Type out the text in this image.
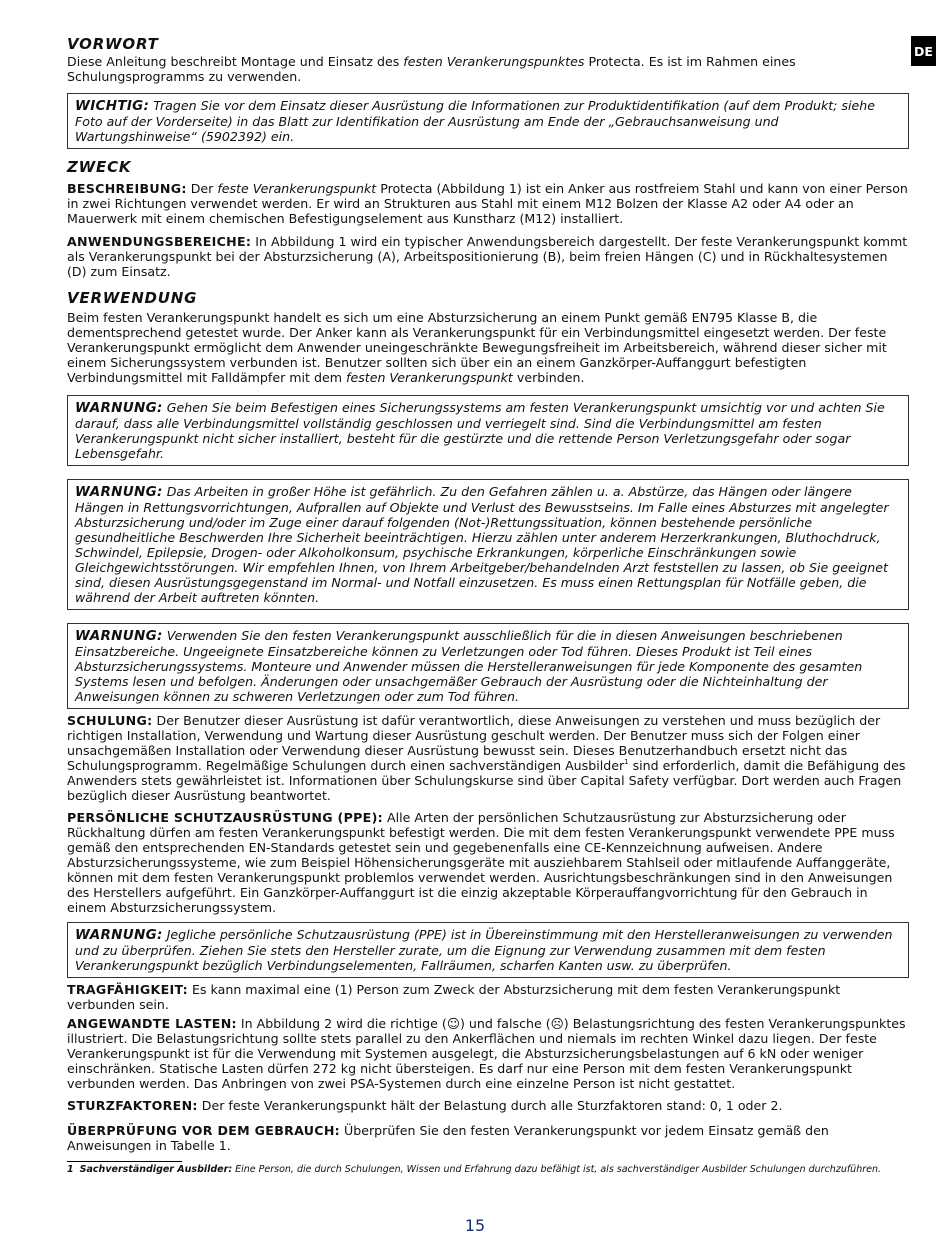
DE
VORWORT

Diese Anleitung beschreibt Montage und Einsatz des festen Verankerungspunktes Protecta. Es ist im Rahmen eines Schulungsprogramms zu verwenden.

WICHTIG: Tragen Sie vor dem Einsatz dieser Ausrüstung die Informationen zur Produktidentifikation (auf dem Produkt; siehe Foto auf der Vorderseite) in das Blatt zur Identifikation der Ausrüstung am Ende der „Gebrauchsanweisung und Wartungshinweise“ (5902392) ein.
ZWECK

BESCHREIBUNG: Der feste Verankerungspunkt Protecta (Abbildung 1) ist ein Anker aus rostfreiem Stahl und kann von einer Person in zwei Richtungen verwendet werden. Er wird an Strukturen aus Stahl mit einem M12 Bolzen der Klasse A2 oder A4 oder an Mauerwerk mit einem chemischen Befestigungselement aus Kunstharz (M12) installiert.

ANWENDUNGSBEREICHE: In Abbildung 1 wird ein typischer Anwendungsbereich dargestellt. Der feste Verankerungspunkt kommt als Verankerungspunkt bei der Absturzsicherung (A), Arbeitspositionierung (B), beim freien Hängen (C) und in Rückhaltesystemen (D) zum Einsatz.

VERWENDUNG

Beim festen Verankerungspunkt handelt es sich um eine Absturzsicherung an einem Punkt gemäß EN795 Klasse B, die dementsprechend getestet wurde. Der Anker kann als Verankerungspunkt für ein Verbindungsmittel eingesetzt werden. Der feste Verankerungspunkt ermöglicht dem Anwender uneingeschränkte Bewegungsfreiheit im Arbeitsbereich, während dieser sicher mit einem Sicherungssystem verbunden ist. Benutzer sollten sich über ein an einem Ganzkörper-Auffanggurt befestigten Verbindungsmittel mit Falldämpfer mit dem festen Verankerungspunkt verbinden.

WARNUNG: Gehen Sie beim Befestigen eines Sicherungssystems am festen Verankerungspunkt umsichtig vor und achten Sie darauf, dass alle Verbindungsmittel vollständig geschlossen und verriegelt sind. Sind die Verbindungsmittel am festen Verankerungspunkt nicht sicher installiert, besteht für die gestürzte und die rettende Person Verletzungsgefahr oder sogar Lebensgefahr.
WARNUNG: Das Arbeiten in großer Höhe ist gefährlich. Zu den Gefahren zählen u. a. Abstürze, das Hängen oder längere Hängen in Rettungsvorrichtungen, Aufprallen auf Objekte und Verlust des Bewusstseins. Im Falle eines Absturzes mit angelegter Absturzsicherung und/oder im Zuge einer darauf folgenden (Not-)Rettungssituation, können bestehende persönliche gesundheitliche Beschwerden Ihre Sicherheit beeinträchtigen. Hierzu zählen unter anderem Herzerkrankungen, Bluthochdruck, Schwindel, Epilepsie, Drogen- oder Alkoholkonsum, psychische Erkrankungen, körperliche Einschränkungen sowie Gleichgewichtsstörungen. Wir empfehlen Ihnen, von Ihrem Arbeitgeber/behandelnden Arzt feststellen zu lassen, ob Sie geeignet sind, diesen Ausrüstungsgegenstand im Normal- und Notfall einzusetzen. Es muss einen Rettungsplan für Notfälle geben, die während der Arbeit auftreten könnten.
WARNUNG: Verwenden Sie den festen Verankerungspunkt ausschließlich für die in diesen Anweisungen beschriebenen Einsatzbereiche. Ungeeignete Einsatzbereiche können zu Verletzungen oder Tod führen. Dieses Produkt ist Teil eines Absturzsicherungssystems. Monteure und Anwender müssen die Herstelleranweisungen für jede Komponente des gesamten Systems lesen und befolgen. Änderungen oder unsachgemäßer Gebrauch der Ausrüstung oder die Nichteinhaltung der Anweisungen können zu schweren Verletzungen oder zum Tod führen.

SCHULUNG: Der Benutzer dieser Ausrüstung ist dafür verantwortlich, diese Anweisungen zu verstehen und muss bezüglich der richtigen Installation, Verwendung und Wartung dieser Ausrüstung geschult werden. Der Benutzer muss sich der Folgen einer unsachgemäßen Installation oder Verwendung dieser Ausrüstung bewusst sein. Dieses Benutzerhandbuch ersetzt nicht das Schulungsprogramm. Regelmäßige Schulungen durch einen sachverständigen Ausbilder$^1$ sind erforderlich, damit die Befähigung des Anwenders stets gewährleistet ist. Informationen über Schulungskurse sind über Capital Safety verfügbar. Dort werden auch Fragen bezüglich dieser Ausrüstung beantwortet.

PERSÖNLICHE SCHUTZAUSRÜSTUNG (PPE): Alle Arten der persönlichen Schutzausrüstung zur Absturzsicherung oder Rückhaltung dürfen am festen Verankerungspunkt befestigt werden. Die mit dem festen Verankerungspunkt verwendete PPE muss gemäß den entsprechenden EN-Standards getestet sein und gegebenenfalls eine CE-Kennzeichnung aufweisen. Andere Absturzsicherungssysteme, wie zum Beispiel Höhensicherungsgeräte mit ausziehbarem Stahlseil oder mitlaufende Auffanggeräte, können mit dem festen Verankerungspunkt problemlos verwendet werden. Ausrichtungsbeschränkungen sind in den Anweisungen des Herstellers aufgeführt. Ein Ganzkörper-Auffanggurt ist die einzig akzeptable Körperauffangvorrichtung für den Gebrauch in einem Absturzsicherungssystem.

WARNUNG: Jegliche persönliche Schutzausrüstung (PPE) ist in Übereinstimmung mit den Herstelleranweisungen zu verwenden und zu überprüfen. Ziehen Sie stets den Hersteller zurate, um die Eignung zur Verwendung zusammen mit dem festen Verankerungspunkt bezüglich Verbindungselementen, Fallräumen, scharfen Kanten usw. zu überprüfen.

TRAGFÄHIGKEIT: Es kann maximal eine (1) Person zum Zweck der Absturzsicherung mit dem festen Verankerungspunkt verbunden sein.

ANGEWANDTE LASTEN: In Abbildung 2 wird die richtige (☺) und falsche (☹) Belastungsrichtung des festen Verankerungspunktes illustriert. Die Belastungsrichtung sollte stets parallel zu den Ankerflächen und niemals im rechten Winkel dazu liegen. Der feste Verankerungspunkt ist für die Verwendung mit Systemen ausgelegt, die Absturzsicherungsbelastungen auf 6 kN oder weniger einschränken. Statische Lasten dürfen 272 kg nicht übersteigen. Es darf nur eine Person mit dem festen Verankerungspunkt verbunden werden. Das Anbringen von zwei PSA-Systemen durch eine einzelne Person ist nicht gestattet.

STURZFAKTOREN: Der feste Verankerungspunkt hält der Belastung durch alle Sturzfaktoren stand: 0, 1 oder 2.

ÜBERPRÜFUNG VOR DEM GEBRAUCH: Überprüfen Sie den festen Verankerungspunkt vor jedem Einsatz gemäß den Anweisungen in Tabelle 1.

1 Sachverständiger Ausbilder: Eine Person, die durch Schulungen, Wissen und Erfahrung dazu befähigt ist, als sachverständiger Ausbilder Schulungen durchzuführen.

15
